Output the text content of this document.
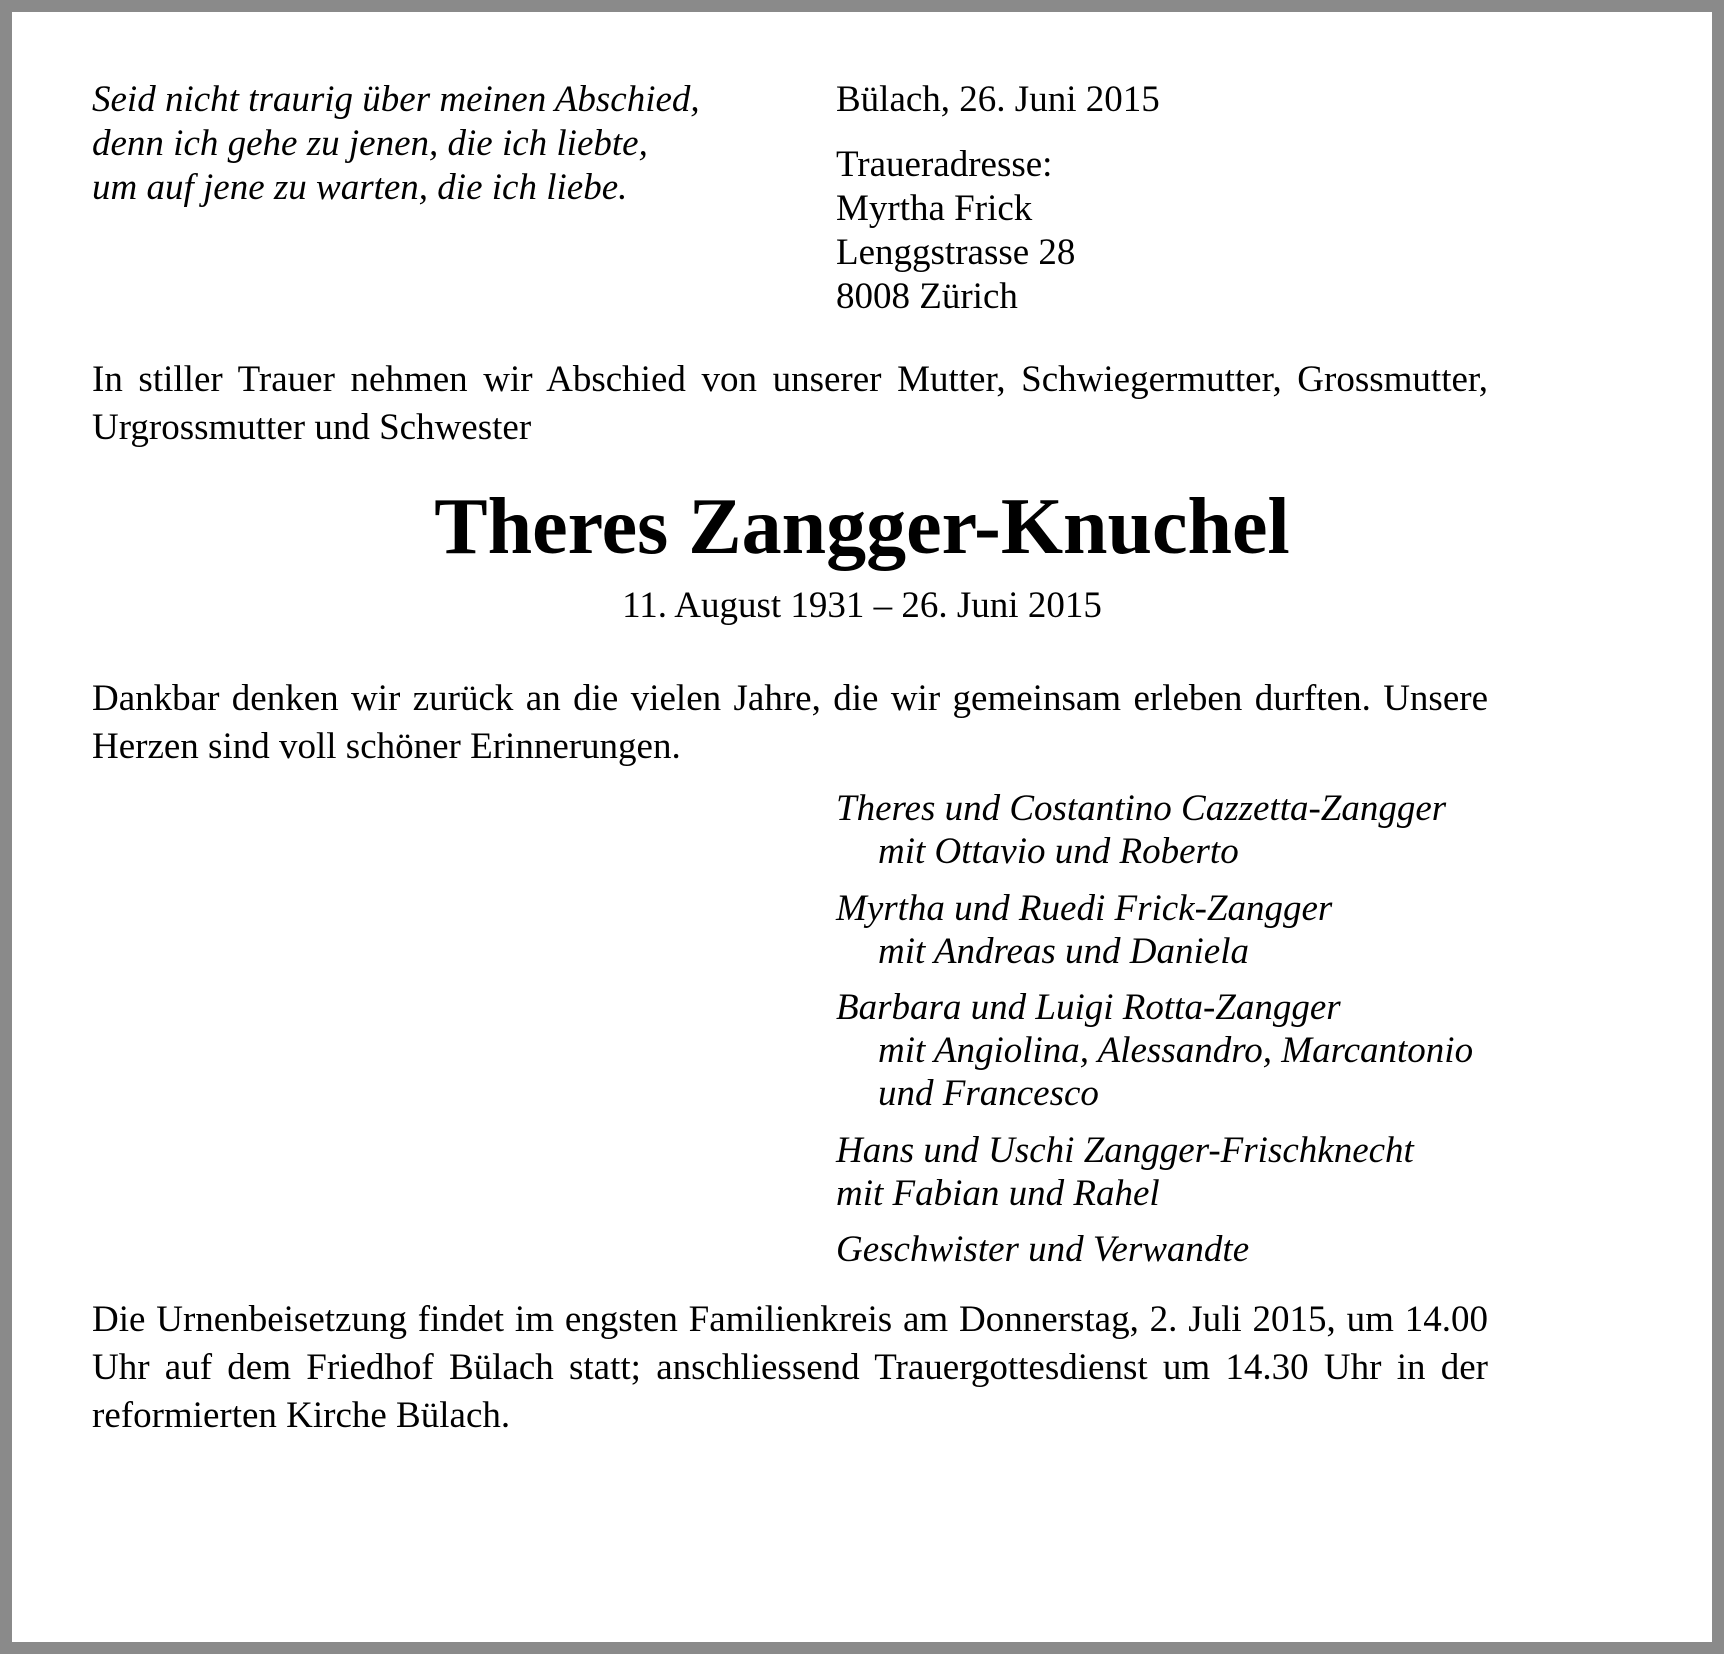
Seid nicht traurig über meinen Abschied,

denn ich gehe zu jenen, die ich liebte,

um auf jene zu warten, die ich liebe.

Bülach, 26. Juni 2015

Traueradresse:

Myrtha Frick

Lenggstrasse 28

8008 Zürich

In stiller Trauer nehmen wir Abschied von unserer Mutter, Schwiegermutter, Grossmutter, Urgrossmutter und Schwester

Theres Zangger-Knuchel

11. August 1931 – 26. Juni 2015

Dankbar denken wir zurück an die vielen Jahre, die wir gemeinsam erleben durften. Unsere Herzen sind voll schöner Erinnerungen.

Theres und Costantino Cazzetta-Zangger

mit Ottavio und Roberto

Myrtha und Ruedi Frick-Zangger

mit Andreas und Daniela

Barbara und Luigi Rotta-Zangger

mit Angiolina, Alessandro, Marcantonio

und Francesco

Hans und Uschi Zangger-Frischknecht

mit Fabian und Rahel

Geschwister und Verwandte

Die Urnenbeisetzung findet im engsten Familienkreis am Donnerstag, 2. Juli 2015, um 14.00 Uhr auf dem Friedhof Bülach statt; anschliessend Trauergottesdienst um 14.30 Uhr in der reformierten Kirche Bülach.
